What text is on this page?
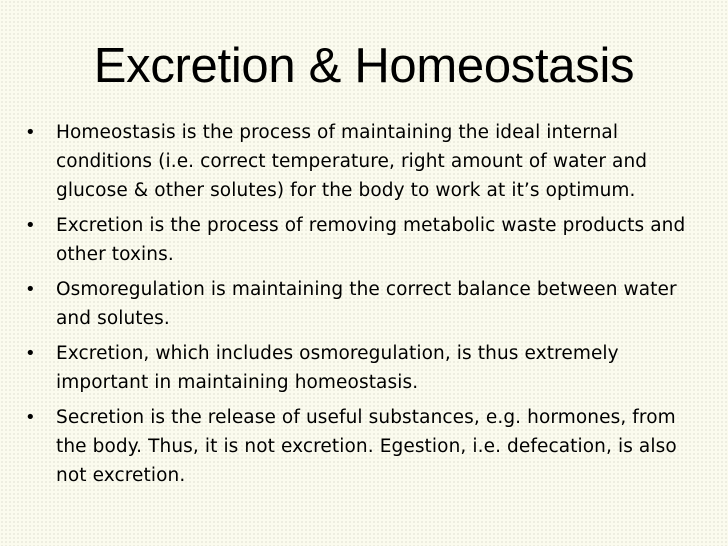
Excretion & Homeostasis
• Homeostasis is the process of maintaining the ideal internal conditions (i.e. correct temperature, right amount of water and glucose & other solutes) for the body to work at it’s optimum.
• Excretion is the process of removing metabolic waste products and other toxins.
• Osmoregulation is maintaining the correct balance between water and solutes.
• Excretion, which includes osmoregulation, is thus extremely important in maintaining homeostasis.
• Secretion is the release of useful substances, e.g. hormones, from the body. Thus, it is not excretion. Egestion, i.e. defecation, is also not excretion.
